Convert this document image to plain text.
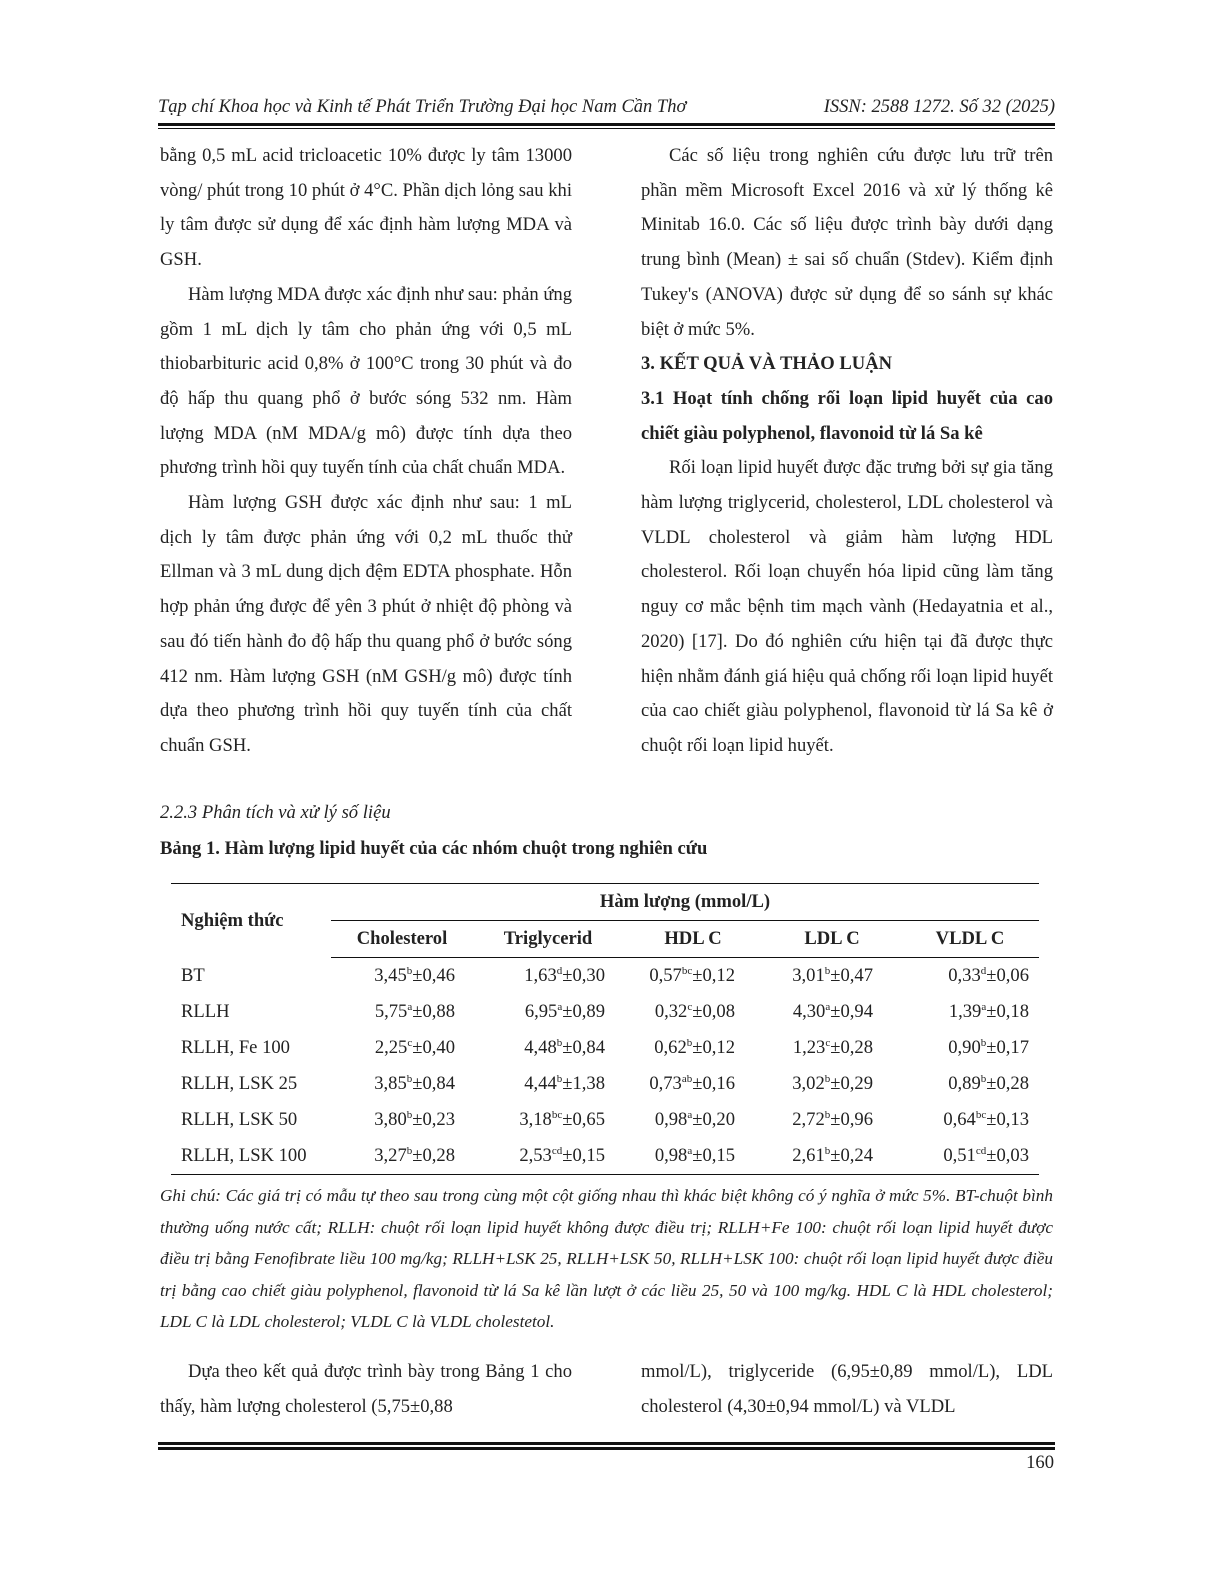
Tạp chí Khoa học và Kinh tế Phát Triển Trường Đại học Nam Cần Thơ	ISSN: 2588 1272. Số 32 (2025)

bằng 0,5 mL acid tricloacetic 10% được ly tâm 13000 vòng/ phút trong 10 phút ở 4°C. Phần dịch lỏng sau khi ly tâm được sử dụng để xác định hàm lượng MDA và GSH.

Hàm lượng MDA được xác định như sau: phản ứng gồm 1 mL dịch ly tâm cho phản ứng với 0,5 mL thiobarbituric acid 0,8% ở 100°C trong 30 phút và đo độ hấp thu quang phổ ở bước sóng 532 nm. Hàm lượng MDA (nM MDA/g mô) được tính dựa theo phương trình hồi quy tuyến tính của chất chuẩn MDA.

Hàm lượng GSH được xác định như sau: 1 mL dịch ly tâm được phản ứng với 0,2 mL thuốc thử Ellman và 3 mL dung dịch đệm EDTA phosphate. Hỗn hợp phản ứng được để yên 3 phút ở nhiệt độ phòng và sau đó tiến hành đo độ hấp thu quang phổ ở bước sóng 412 nm. Hàm lượng GSH (nM GSH/g mô) được tính dựa theo phương trình hồi quy tuyến tính của chất chuẩn GSH.

2.2.3 Phân tích và xử lý số liệu

Các số liệu trong nghiên cứu được lưu trữ trên phần mềm Microsoft Excel 2016 và xử lý thống kê Minitab 16.0. Các số liệu được trình bày dưới dạng trung bình (Mean) ± sai số chuẩn (Stdev). Kiểm định Tukey's (ANOVA) được sử dụng để so sánh sự khác biệt ở mức 5%.

3. KẾT QUẢ VÀ THẢO LUẬN

3.1 Hoạt tính chống rối loạn lipid huyết của cao chiết giàu polyphenol, flavonoid từ lá Sa kê

Rối loạn lipid huyết được đặc trưng bởi sự gia tăng hàm lượng triglycerid, cholesterol, LDL cholesterol và VLDL cholesterol và giảm hàm lượng HDL cholesterol. Rối loạn chuyển hóa lipid cũng làm tăng nguy cơ mắc bệnh tim mạch vành (Hedayatnia et al., 2020) [17]. Do đó nghiên cứu hiện tại đã được thực hiện nhằm đánh giá hiệu quả chống rối loạn lipid huyết của cao chiết giàu polyphenol, flavonoid từ lá Sa kê ở chuột rối loạn lipid huyết.

Bảng 1. Hàm lượng lipid huyết của các nhóm chuột trong nghiên cứu
Nghiệm thức	Hàm lượng (mmol/L)				
	Cholesterol	Triglycerid	HDL C	LDL C	VLDL C
BT	3,45$^b$±0,46	1,63$^d$±0,30	0,57$^{bc}$±0,12	3,01$^b$±0,47	0,33$^d$±0,06
RLLH	5,75$^a$±0,88	6,95$^a$±0,89	0,32$^c$±0,08	4,30$^a$±0,94	1,39$^a$±0,18
RLLH, Fe 100	2,25$^c$±0,40	4,48$^b$±0,84	0,62$^b$±0,12	1,23$^c$±0,28	0,90$^b$±0,17
RLLH, LSK 25	3,85$^b$±0,84	4,44$^b$±1,38	0,73$^{ab}$±0,16	3,02$^b$±0,29	0,89$^b$±0,28
RLLH, LSK 50	3,80$^b$±0,23	3,18$^{bc}$±0,65	0,98$^a$±0,20	2,72$^b$±0,96	0,64$^{bc}$±0,13
RLLH, LSK 100	3,27$^b$±0,28	2,53$^{cd}$±0,15	0,98$^a$±0,15	2,61$^b$±0,24	0,51$^{cd}$±0,03
Ghi chú: Các giá trị có mẫu tự theo sau trong cùng một cột giống nhau thì khác biệt không có ý nghĩa ở mức 5%. BT-chuột bình thường uống nước cất; RLLH: chuột rối loạn lipid huyết không được điều trị; RLLH+Fe 100: chuột rối loạn lipid huyết được điều trị bằng Fenofibrate liều 100 mg/kg; RLLH+LSK 25, RLLH+LSK 50, RLLH+LSK 100: chuột rối loạn lipid huyết được điều trị bằng cao chiết giàu polyphenol, flavonoid từ lá Sa kê lần lượt ở các liều 25, 50 và 100 mg/kg. HDL C là HDL cholesterol; LDL C là LDL cholesterol; VLDL C là VLDL cholestetol.

Dựa theo kết quả được trình bày trong Bảng 1 cho thấy, hàm lượng cholesterol (5,75±0,88

mmol/L), triglyceride (6,95±0,89 mmol/L), LDL cholesterol (4,30±0,94 mmol/L) và VLDL

160
